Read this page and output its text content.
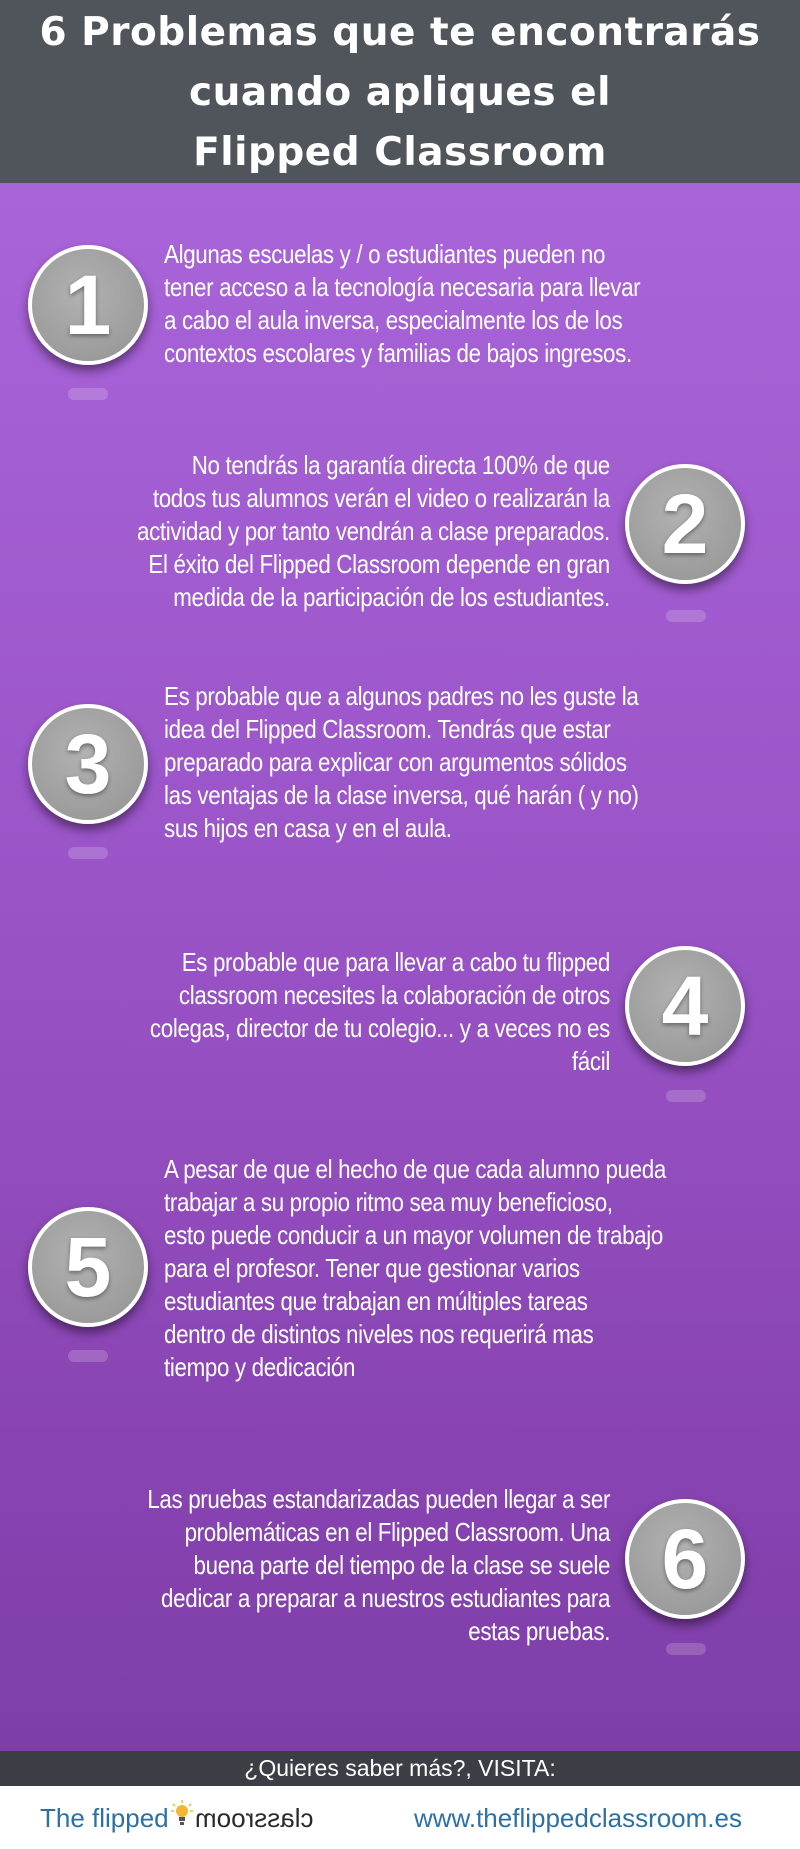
6 Problemas que te encontrarás
cuando apliques el
Flipped Classroom
1
Algunas escuelas y / o estudiantes pueden no
tener acceso a la tecnología necesaria para llevar
a cabo el aula inversa, especialmente los de los
contextos escolares y familias de bajos ingresos.
2
No tendrás la garantía directa 100% de que
todos tus alumnos verán el video o realizarán la
actividad y por tanto vendrán a clase preparados.
El éxito del Flipped Classroom depende en gran
medida de la participación de los estudiantes.
3
Es probable que a algunos padres no les guste la
idea del Flipped Classroom. Tendrás que estar
preparado para explicar con argumentos sólidos
las ventajas de la clase inversa, qué harán ( y no)
sus hijos en casa y en el aula.
4
Es probable que para llevar a cabo tu flipped
classroom necesites la colaboración de otros
colegas, director de tu colegio... y a veces no es
fácil
5
A pesar de que el hecho de que cada alumno pueda
trabajar a su propio ritmo sea muy beneficioso,
esto puede conducir a un mayor volumen de trabajo
para el profesor. Tener que gestionar varios
estudiantes que trabajan en múltiples tareas
dentro de distintos niveles nos requerirá mas
tiempo y dedicación
6
Las pruebas estandarizadas pueden llegar a ser
problemáticas en el Flipped Classroom. Una
buena parte del tiempo de la clase se suele
dedicar a preparar a nuestros estudiantes para
estas pruebas.
¿Quieres saber más?, VISITA:
The flipped classroom	www.theflippedclassroom.es
